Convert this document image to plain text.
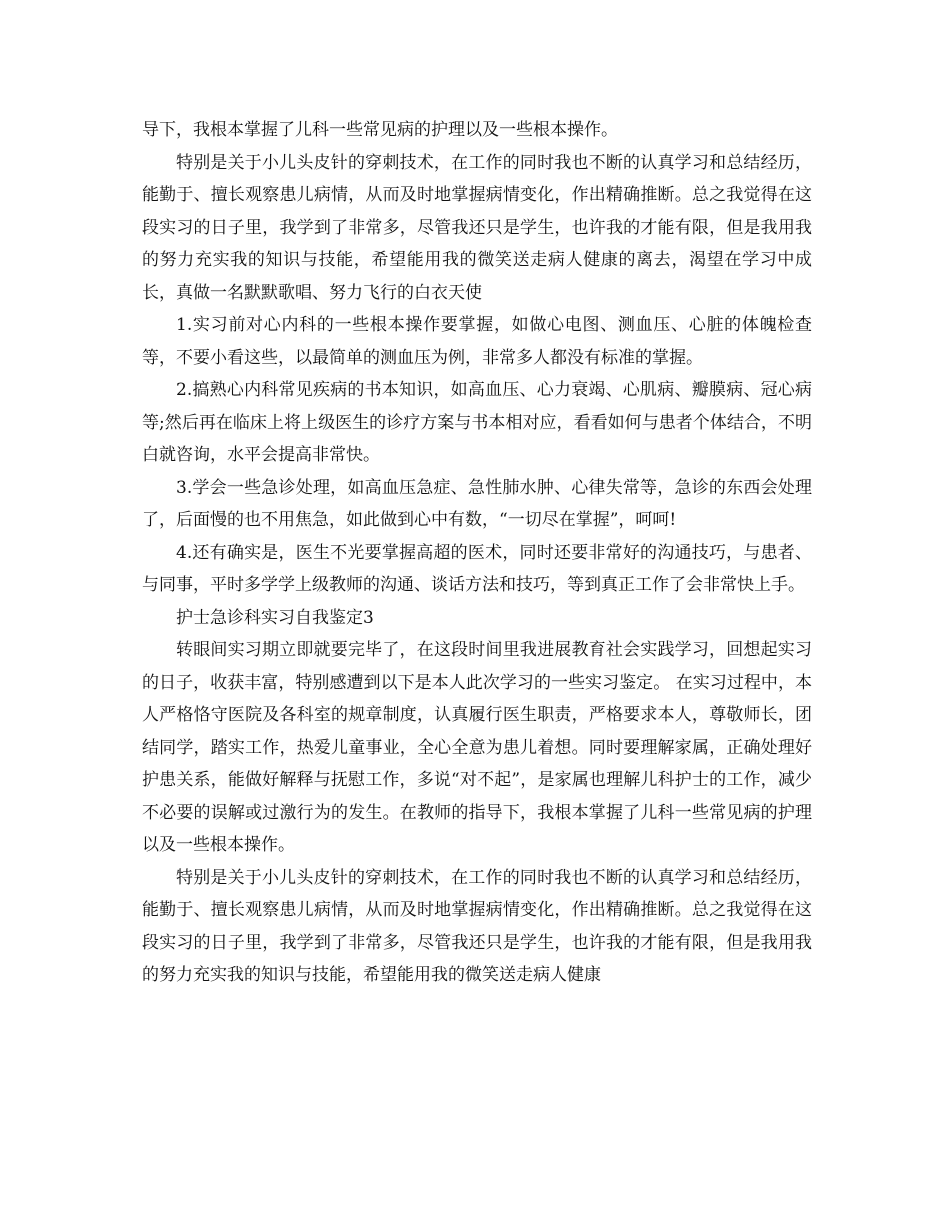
导下，我根本掌握了儿科一些常见病的护理以及一些根本操作。

特别是关于小儿头皮针的穿刺技术，在工作的同时我也不断的认真学习和总结经历，能勤于、擅长观察患儿病情，从而及时地掌握病情变化，作出精确推断。总之我觉得在这段实习的日子里，我学到了非常多，尽管我还只是学生，也许我的才能有限，但是我用我的努力充实我的知识与技能，希望能用我的微笑送走病人健康的离去，渴望在学习中成长，真做一名默默歌唱、努力飞行的白衣天使

1.实习前对心内科的一些根本操作要掌握，如做心电图、测血压、心脏的体魄检查等，不要小看这些，以最简单的测血压为例，非常多人都没有标准的掌握。

2.搞熟心内科常见疾病的书本知识，如高血压、心力衰竭、心肌病、瓣膜病、冠心病等;然后再在临床上将上级医生的诊疗方案与书本相对应，看看如何与患者个体结合，不明白就咨询，水平会提高非常快。

3.学会一些急诊处理，如高血压急症、急性肺水肿、心律失常等，急诊的东西会处理了，后面慢的也不用焦急，如此做到心中有数，“一切尽在掌握”，呵呵!

4.还有确实是，医生不光要掌握高超的医术，同时还要非常好的沟通技巧，与患者、与同事，平时多学学上级教师的沟通、谈话方法和技巧，等到真正工作了会非常快上手。

护士急诊科实习自我鉴定3

转眼间实习期立即就要完毕了，在这段时间里我进展教育社会实践学习，回想起实习的日子，收获丰富，特别感遭到以下是本人此次学习的一些实习鉴定。 在实习过程中，本人严格恪守医院及各科室的规章制度，认真履行医生职责，严格要求本人，尊敬师长，团结同学，踏实工作，热爱儿童事业，全心全意为患儿着想。同时要理解家属，正确处理好护患关系，能做好解释与抚慰工作，多说“对不起”，是家属也理解儿科护士的工作，减少不必要的误解或过激行为的发生。在教师的指导下，我根本掌握了儿科一些常见病的护理以及一些根本操作。

特别是关于小儿头皮针的穿刺技术，在工作的同时我也不断的认真学习和总结经历，能勤于、擅长观察患儿病情，从而及时地掌握病情变化，作出精确推断。总之我觉得在这段实习的日子里，我学到了非常多，尽管我还只是学生，也许我的才能有限，但是我用我的努力充实我的知识与技能，希望能用我的微笑送走病人健康
